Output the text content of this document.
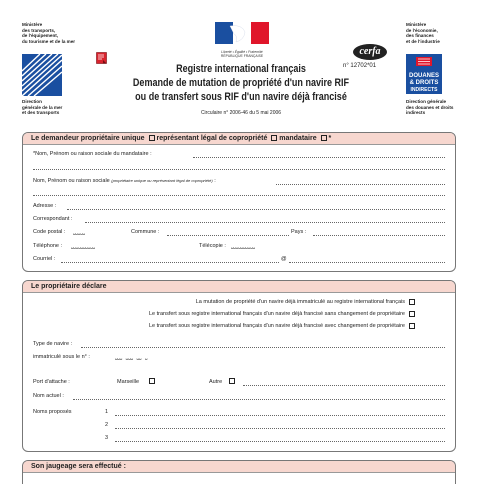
Ministère
des transports,
de l'équipement,
du tourisme et de la mer
Direction
générale de la mer
et des transports
Liberté • Égalité • Fraternité
RÉPUBLIQUE FRANÇAISE
Registre international français
Demande de mutation de propriété d'un navire RIF
ou de transfert sous RIF d'un navire déjà francisé
Circulaire n° 2006-46 du 5 mai 2006
cerfa
n° 12702*01
Ministère
de l'économie,
des finances
et de l'industrie
DOUANES
& DROITS
INDIRECTS
Direction générale
des douanes et droits
indirects
Le demandeur propriétaire unique représentant légal de copropriété mandataire *
*Nom, Prénom ou raison sociale du mandataire :
Nom, Prénom ou raison sociale (propriétaire unique ou représentant légal de copropriété) :
Adresse :
Correspondant :
Code postal : ⎵⎵⎵⎵⎵	Commune :	Pays :
Téléphone : ⎵⎵⎵⎵⎵⎵⎵⎵⎵⎵	Télécopie : ⎵⎵⎵⎵⎵⎵⎵⎵⎵⎵
Courriel :	@
Le propriétaire déclare
La mutation de propriété d'un navire déjà immatriculé au registre international français
Le transfert sous registre international français d'un navire déjà francisé sans changement de propriétaire
Le transfert sous registre international français d'un navire déjà francisé avec changement de propriétaire
Type de navire :
immatriculé sous le n° :	⎵⎵⎵ ⎵⎵⎵ ⎵⎵ ⎵
Port d'attache :	Marseille	Autre
Nom actuel :
Noms proposés	1
2
3
Son jaugeage sera effectué :
